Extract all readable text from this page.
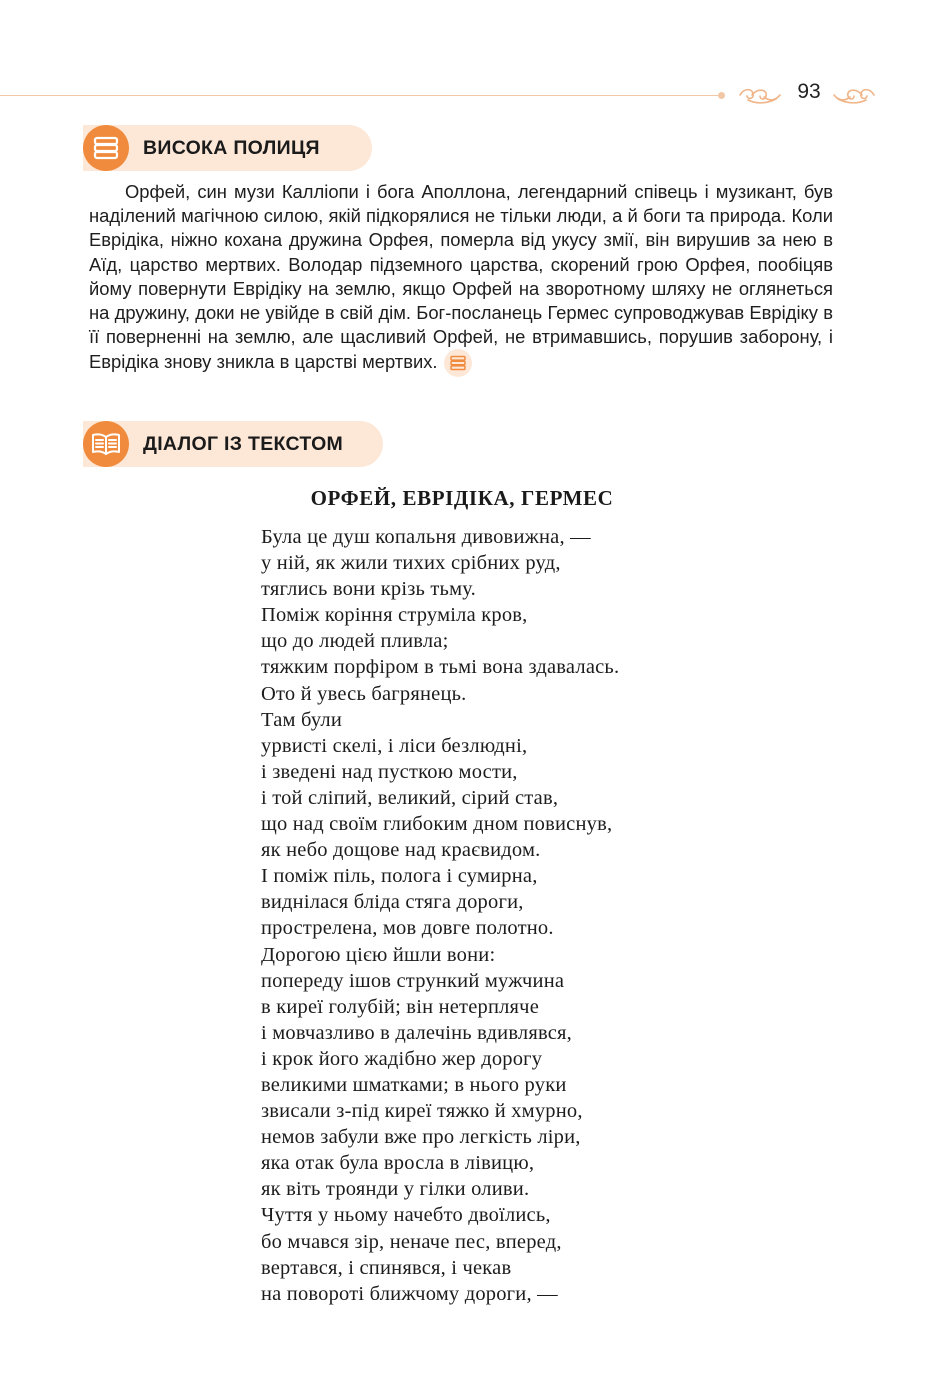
93
ВИСОКА ПОЛИЦЯ

Орфей, син музи Калліопи і бога Аполлона, легендарний співець і музикант, був наділений магічною силою, якій підкорялися не тільки люди, а й боги та природа. Коли Еврідіка, ніжно кохана дружина Орфея, померла від укусу змії, він вирушив за нею в Аїд, царство мертвих. Володар підземного царства, скорений грою Орфея, пообіцяв йому повернути Еврідіку на землю, якщо Орфей на зворотному шляху не оглянеться на дружину, доки не увійде в свій дім. Бог-посланець Гермес супроводжував Еврідіку в її поверненні на землю, але щасливий Орфей, не втримавшись, порушив заборону, і Еврідіка знову зникла в царстві мертвих.

ДІАЛОГ ІЗ ТЕКСТОМ
ОРФЕЙ, ЕВРІДІКА, ГЕРМЕС
Була це душ копальня дивовижна, —
у ній, як жили тихих срібних руд,
тяглись вони крізь тьму.
Поміж коріння струміла кров,
що до людей пливла;
тяжким порфіром в тьмі вона здавалась.
Ото й увесь багрянець.
Там були
урвисті скелі, і ліси безлюдні,
і зведені над пусткою мости,
і той сліпий, великий, сірий став,
що над своїм глибоким дном повиснув,
як небо дощове над краєвидом.
І поміж піль, полога і сумирна,
виднілася бліда стяга дороги,
прострелена, мов довге полотно.
Дорогою цією йшли вони:
попереду ішов стрункий мужчина
в киреї голубій; він нетерпляче
і мовчазливо в далечінь вдивлявся,
і крок його жадібно жер дорогу
великими шматками; в нього руки
звисали з-під киреї тяжко й хмурно,
немов забули вже про легкість ліри,
яка отак була вросла в лівицю,
як віть троянди у гілки оливи.
Чуття у ньому начебто двоїлись,
бо мчався зір, неначе пес, вперед,
вертався, і спинявся, і чекав
на повороті ближчому дороги, —
